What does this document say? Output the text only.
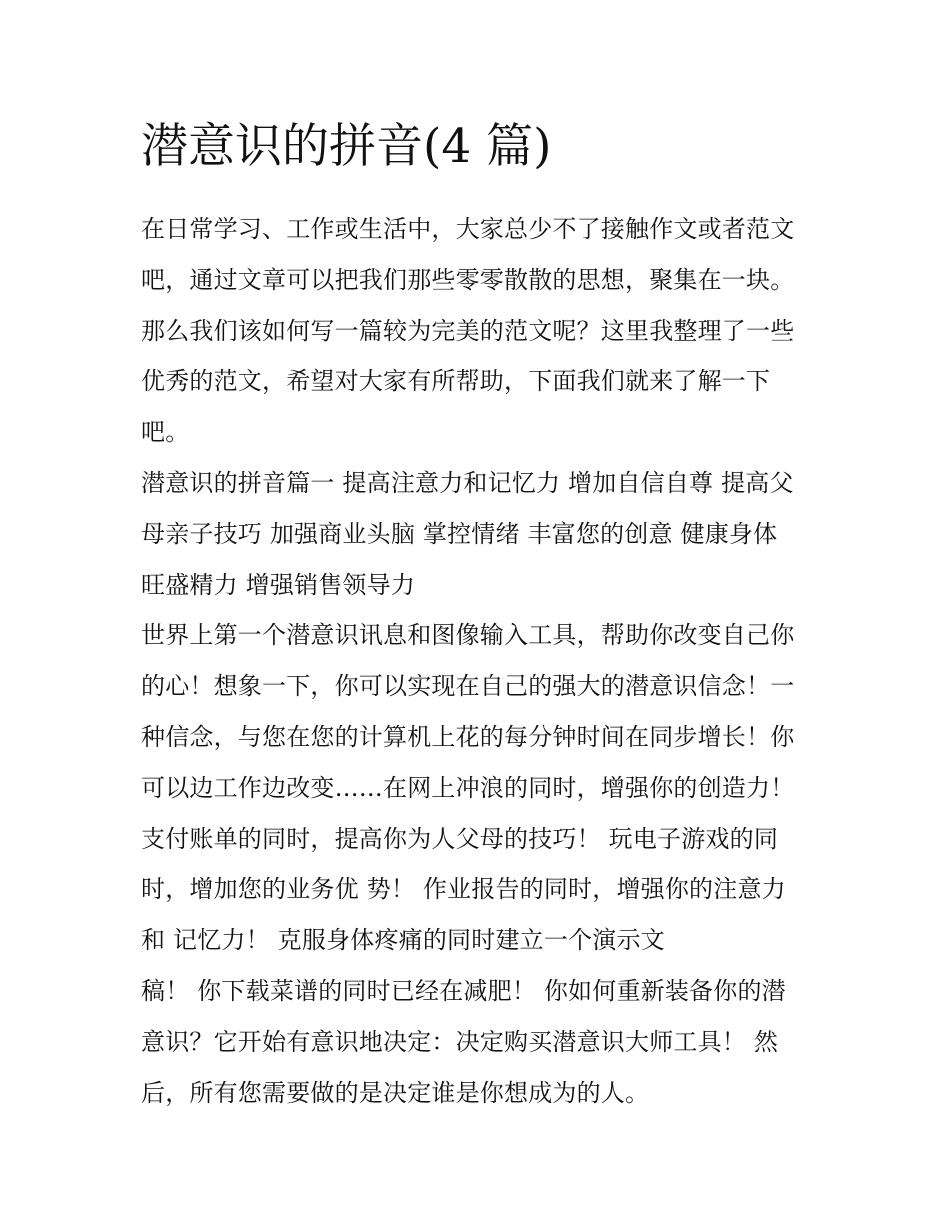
潜意识的拼音(4 篇)
在日常学习、工作或生活中，大家总少不了接触作文或者范文
吧，通过文章可以把我们那些零零散散的思想，聚集在一块。
那么我们该如何写一篇较为完美的范文呢？这里我整理了一些
优秀的范文，希望对大家有所帮助，下面我们就来了解一下
吧。
潜意识的拼音篇一 提高注意力和记忆力 增加自信自尊 提高父
母亲子技巧 加强商业头脑 掌控情绪 丰富您的创意 健康身体
旺盛精力 增强销售领导力
世界上第一个潜意识讯息和图像输入工具，帮助你改变自己你
的心！想象一下，你可以实现在自己的强大的潜意识信念！一
种信念，与您在您的计算机上花的每分钟时间在同步增长！你
可以边工作边改变……在网上冲浪的同时，增强你的创造力！
支付账单的同时，提高你为人父母的技巧！ 玩电子游戏的同
时，增加您的业务优 势！ 作业报告的同时，增强你的注意力
和 记忆力！ 克服身体疼痛的同时建立一个演示文
稿！ 你下载菜谱的同时已经在减肥！ 你如何重新装备你的潜
意识？它开始有意识地决定：决定购买潜意识大师工具！ 然
后，所有您需要做的是决定谁是你想成为的人。
